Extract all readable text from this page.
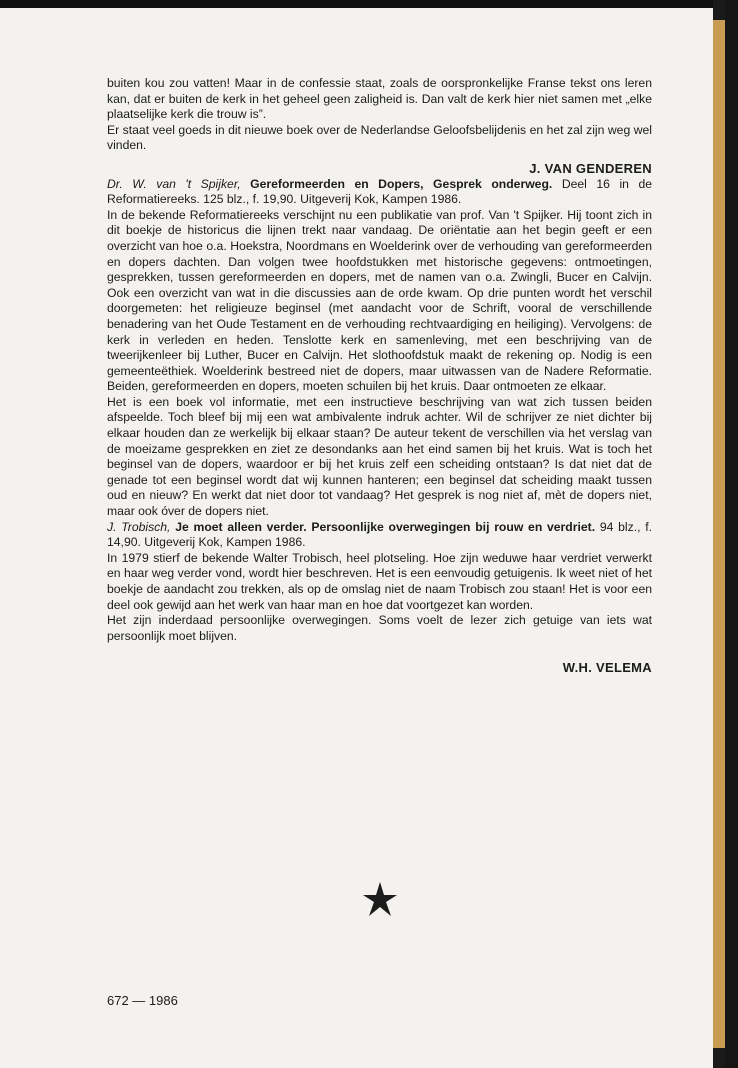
buiten kou zou vatten! Maar in de confessie staat, zoals de oorspronkelijke Franse tekst ons leren kan, dat er buiten de kerk in het geheel geen zaligheid is. Dan valt de kerk hier niet samen met „elke plaatselijke kerk die trouw is”.

Er staat veel goeds in dit nieuwe boek over de Nederlandse Geloofsbelijdenis en het zal zijn weg wel vinden.

J. VAN GENDEREN

Dr. W. van 't Spijker, Gereformeerden en Dopers, Gesprek onderweg. Deel 16 in de Reformatiereeks. 125 blz., f. 19,90. Uitgeverij Kok, Kampen 1986.

In de bekende Reformatiereeks verschijnt nu een publikatie van prof. Van 't Spijker. Hij toont zich in dit boekje de historicus die lijnen trekt naar vandaag. De oriëntatie aan het begin geeft er een overzicht van hoe o.a. Hoekstra, Noordmans en Woelderink over de verhouding van gereformeerden en dopers dachten. Dan volgen twee hoofdstukken met historische gegevens: ontmoetingen, gesprekken, tussen gereformeerden en dopers, met de namen van o.a. Zwingli, Bucer en Calvijn. Ook een overzicht van wat in die discussies aan de orde kwam. Op drie punten wordt het verschil doorgemeten: het religieuze beginsel (met aandacht voor de Schrift, vooral de verschillende benadering van het Oude Testament en de verhouding rechtvaardiging en heiliging). Vervolgens: de kerk in verleden en heden. Tenslotte kerk en samenleving, met een beschrijving van de tweerijkenleer bij Luther, Bucer en Calvijn. Het slothoofdstuk maakt de rekening op. Nodig is een gemeenteëthiek. Woelderink bestreed niet de dopers, maar uitwassen van de Nadere Reformatie. Beiden, gereformeerden en dopers, moeten schuilen bij het kruis. Daar ontmoeten ze elkaar.

Het is een boek vol informatie, met een instructieve beschrijving van wat zich tussen beiden afspeelde. Toch bleef bij mij een wat ambivalente indruk achter. Wil de schrijver ze niet dichter bij elkaar houden dan ze werkelijk bij elkaar staan? De auteur tekent de verschillen via het verslag van de moeizame gesprekken en ziet ze desondanks aan het eind samen bij het kruis. Wat is toch het beginsel van de dopers, waardoor er bij het kruis zelf een scheiding ontstaan? Is dat niet dat de genade tot een beginsel wordt dat wij kunnen hanteren; een beginsel dat scheiding maakt tussen oud en nieuw? En werkt dat niet door tot vandaag? Het gesprek is nog niet af, mèt de dopers niet, maar ook óver de dopers niet.

J. Trobisch, Je moet alleen verder. Persoonlijke overwegingen bij rouw en verdriet. 94 blz., f. 14,90. Uitgeverij Kok, Kampen 1986.

In 1979 stierf de bekende Walter Trobisch, heel plotseling. Hoe zijn weduwe haar verdriet verwerkt en haar weg verder vond, wordt hier beschreven. Het is een eenvoudig getuigenis. Ik weet niet of het boekje de aandacht zou trekken, als op de omslag niet de naam Trobisch zou staan! Het is voor een deel ook gewijd aan het werk van haar man en hoe dat voortgezet kan worden.

Het zijn inderdaad persoonlijke overwegingen. Soms voelt de lezer zich getuige van iets wat persoonlijk moet blijven.

W.H. VELEMA
672 — 1986
